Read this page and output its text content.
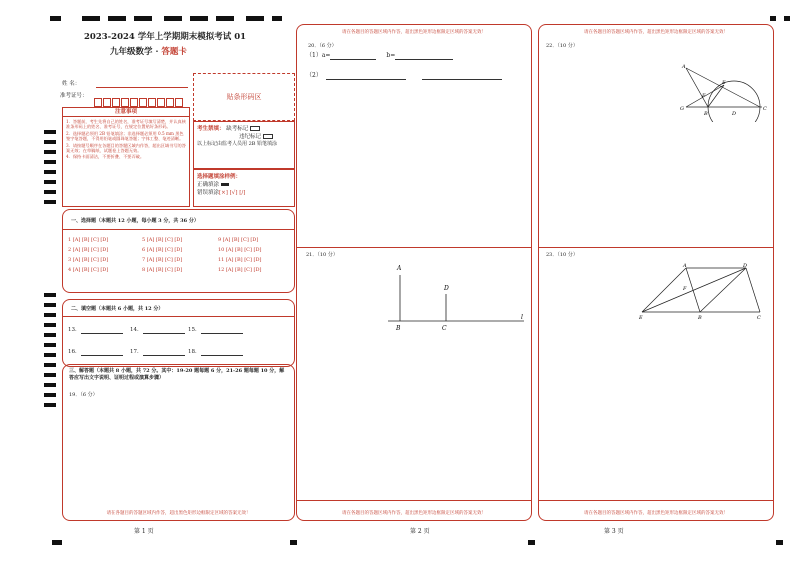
2023-2024 学年上学期期末模拟考试 01
九年级数学 · 答题卡
姓 名：
准考证号：	贴条形码区
注意事项
1．答题前，考生先将自己的姓名，准考证号填写清楚，并认真核准条形码上的姓名、准考证号，在规定位置贴好条形码。
2．选择题必须用 2B 铅笔填涂；非选择题必须用 0.5 mm 黑色签字笔答题，不得用铅笔或圆珠笔答题；字体工整、笔迹清晰。
3．请按题号顺序在各题目的答题区域内作答，超出区域书写的答案无效；在草稿纸、试题卷上答题无效。
4．保持卡面清洁，不要折叠、不要弄破。
考生禁填： 缺考标记
违纪标记
以上标记由监考人员用 2B 铅笔填涂
选择题填涂样例：
正确填涂
错误填涂[×] [√] [/]
一、选择题（本题共 12 小题，每小题 3 分，共 36 分）
1 [A] [B] [C] [D]	5 [A] [B] [C] [D]	9 [A] [B] [C] [D]
2 [A] [B] [C] [D]	6 [A] [B] [C] [D]	10 [A] [B] [C] [D]
3 [A] [B] [C] [D]	7 [A] [B] [C] [D]	11 [A] [B] [C] [D]
4 [A] [B] [C] [D]	8 [A] [B] [C] [D]	12 [A] [B] [C] [D]
二、填空题（本题共 6 小题，共 12 分）
13．	14．	15．
16．	17．	18．
三、解答题（本题共 8 小题，共 72 分。其中：19-20 题每题 6 分，21-26 题每题 10 分，解答应写出文字说明、证明过程或演算步骤）
19．（6 分）
请在各题目的答题区域内作答，超出黑色矩形边框限定区域的答案无效！
第 1 页
请在各题目的答题区域内作答，超出黑色矩形边框限定区域的答案无效！
请在各题目的答题区域内作答，超出黑色矩形边框限定区域的答案无效！
20．（6 分）
（1）a=	b=
（2）
21．（10 分）
A
D
B	C
l
第 2 页
请在各题目的答题区域内作答，超出黑色矩形边框限定区域的答案无效！
请在各题目的答题区域内作答，超出黑色矩形边框限定区域的答案无效！
22．（10 分）
A
E
F
G
B	D
C
23．（10 分）
A	D
F
E	B	C
第 3 页
